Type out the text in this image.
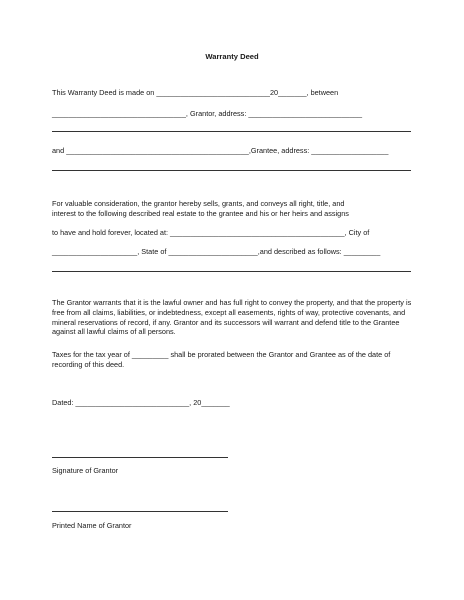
Warranty Deed
This Warranty Deed is made on ____________________________20_______, between
_________________________________, Grantor, address: ____________________________
and _____________________________________________,Grantee, address: ___________________
For valuable consideration, the grantor hereby sells, grants, and conveys all right, title, and
interest to the following described real estate to the grantee and his or her heirs and assigns
to have and hold forever, located at: ___________________________________________, City of
_____________________, State of ______________________,and described as follows: _________
The Grantor warrants that it is the lawful owner and has full right to convey the property, and that the property is free from all claims, liabilities, or indebtedness, except all easements, rights of way, protective covenants, and mineral reservations of record, if any. Grantor and its successors will warrant and defend title to the Grantee against all lawful claims of all persons.
Taxes for the tax year of _________ shall be prorated between the Grantor and Grantee as of the date of recording of this deed.
Dated: ____________________________, 20_______
Signature of Grantor
Printed Name of Grantor
